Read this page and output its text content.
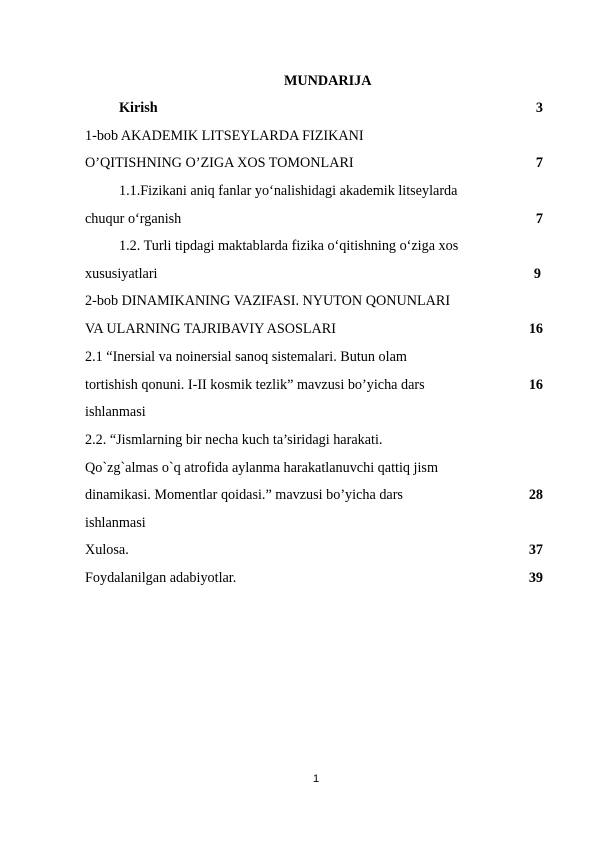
MUNDARIJA
Kirish	3
1-bob AKADEMIK LITSEYLARDA FIZIKANI
O’QITISHNING O’ZIGA XOS TOMONLARI	7
1.1.Fizikani aniq fanlar yo‘nalishidagi akademik litseylarda
chuqur o‘rganish	7
1.2. Turli tipdagi maktablarda fizika o‘qitishning o‘ziga xos
xususiyatlari	9
2-bob DINAMIKANING VAZIFASI. NYUTON QONUNLARI
VA ULARNING TAJRIBAVIY ASOSLARI	16
2.1 “Inersial va noinersial sanoq sistemalari. Butun olam
tortishish qonuni. I-II kosmik tezlik” mavzusi bo’yicha dars	16
ishlanmasi
2.2. “Jismlarning bir necha kuch ta’siridagi harakati.
Qo`zg`almas o`q atrofida aylanma harakatlanuvchi qattiq jism
dinamikasi. Momentlar qoidasi.” mavzusi bo’yicha dars	28
ishlanmasi
Xulosa.	37
Foydalanilgan adabiyotlar.	39
1
